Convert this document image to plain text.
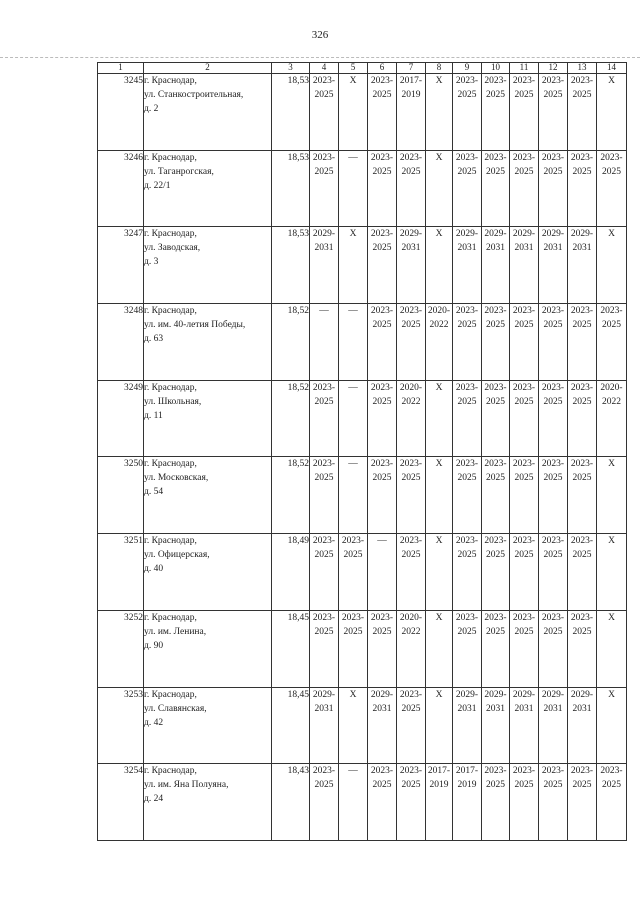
326
1	2	3	4	5	6	7	8	9	10	11	12	13	14
3245	г. Краснодар,
ул. Станкостроительная,
д. 2	18,53	2023-
2025	X	2023-
2025	2017-
2019	X	2023-
2025	2023-
2025	2023-
2025	2023-
2025	2023-
2025	X

3246	г. Краснодар,
ул. Таганрогская,
д. 22/1	18,53	2023-
2025	—	2023-
2025	2023-
2025	X	2023-
2025	2023-
2025	2023-
2025	2023-
2025	2023-
2025	2023-
2025

3247	г. Краснодар,
ул. Заводская,
д. 3	18,53	2029-
2031	X	2023-
2025	2029-
2031	X	2029-
2031	2029-
2031	2029-
2031	2029-
2031	2029-
2031	X

3248	г. Краснодар,
ул. им. 40-летия Победы,
д. 63	18,52	—	—	2023-
2025	2023-
2025	2020-
2022	2023-
2025	2023-
2025	2023-
2025	2023-
2025	2023-
2025	2023-
2025

3249	г. Краснодар,
ул. Школьная,
д. 11	18,52	2023-
2025	—	2023-
2025	2020-
2022	X	2023-
2025	2023-
2025	2023-
2025	2023-
2025	2023-
2025	2020-
2022

3250	г. Краснодар,
ул. Московская,
д. 54	18,52	2023-
2025	—	2023-
2025	2023-
2025	X	2023-
2025	2023-
2025	2023-
2025	2023-
2025	2023-
2025	X

3251	г. Краснодар,
ул. Офицерская,
д. 40	18,49	2023-
2025	2023-
2025	—	2023-
2025	X	2023-
2025	2023-
2025	2023-
2025	2023-
2025	2023-
2025	X

3252	г. Краснодар,
ул. им. Ленина,
д. 90	18,45	2023-
2025	2023-
2025	2023-
2025	2020-
2022	X	2023-
2025	2023-
2025	2023-
2025	2023-
2025	2023-
2025	X

3253	г. Краснодар,
ул. Славянская,
д. 42	18,45	2029-
2031	X	2029-
2031	2023-
2025	X	2029-
2031	2029-
2031	2029-
2031	2029-
2031	2029-
2031	X

3254	г. Краснодар,
ул. им. Яна Полуяна,
д. 24	18,43	2023-
2025	—	2023-
2025	2023-
2025	2017-
2019	2017-
2019	2023-
2025	2023-
2025	2023-
2025	2023-
2025	2023-
2025
